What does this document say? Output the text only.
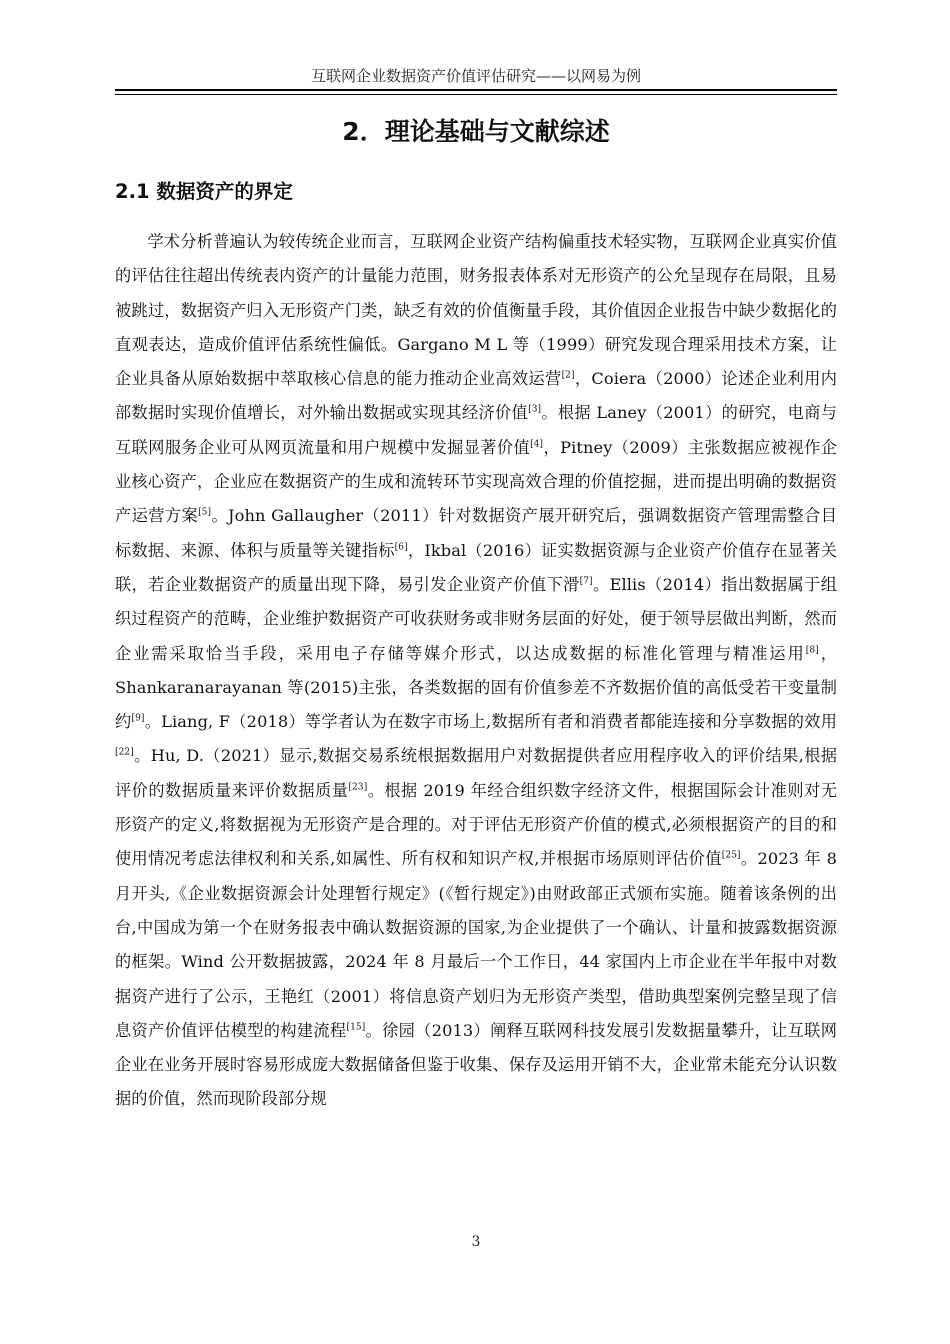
互联网企业数据资产价值评估研究——以网易为例
2．理论基础与文献综述
2.1 数据资产的界定

学术分析普遍认为较传统企业而言，互联网企业资产结构偏重技术轻实物，互联网企业真实价值的评估往往超出传统表内资产的计量能力范围，财务报表体系对无形资产的公允呈现存在局限，且易被跳过，数据资产归入无形资产门类，缺乏有效的价值衡量手段，其价值因企业报告中缺少数据化的直观表达，造成价值评估系统性偏低。Gargano M L 等（1999）研究发现合理采用技术方案，让企业具备从原始数据中萃取核心信息的能力推动企业高效运营[2]，Coiera（2000）论述企业利用内部数据时实现价值增长，对外输出数据或实现其经济价值[3]。根据 Laney（2001）的研究，电商与互联网服务企业可从网页流量和用户规模中发掘显著价值[4]，Pitney（2009）主张数据应被视作企业核心资产，企业应在数据资产的生成和流转环节实现高效合理的价值挖掘，进而提出明确的数据资产运营方案[5]。John Gallaugher（2011）针对数据资产展开研究后，强调数据资产管理需整合目标数据、来源、体积与质量等关键指标[6]，Ikbal（2016）证实数据资源与企业资产价值存在显著关联，若企业数据资产的质量出现下降，易引发企业资产价值下滑[7]。Ellis（2014）指出数据属于组织过程资产的范畴，企业维护数据资产可收获财务或非财务层面的好处，便于领导层做出判断，然而企业需采取恰当手段，采用电子存储等媒介形式，以达成数据的标准化管理与精准运用[8]，Shankaranarayanan 等(2015)主张，各类数据的固有价值参差不齐数据价值的高低受若干变量制约[9]。Liang, F（2018）等学者认为在数字市场上,数据所有者和消费者都能连接和分享数据的效用[22]。Hu, D.（2021）显示,数据交易系统根据数据用户对数据提供者应用程序收入的评价结果,根据评价的数据质量来评价数据质量[23]。根据 2019 年经合组织数字经济文件，根据国际会计准则对无形资产的定义,将数据视为无形资产是合理的。对于评估无形资产价值的模式,必须根据资产的目的和使用情况考虑法律权利和关系,如属性、所有权和知识产权,并根据市场原则评估价值[25]。2023 年 8 月开头,《企业数据资源会计处理暂行规定》(《暂行规定》)由财政部正式颁布实施。随着该条例的出台,中国成为第一个在财务报表中确认数据资源的国家,为企业提供了一个确认、计量和披露数据资源的框架。Wind 公开数据披露，2024 年 8 月最后一个工作日，44 家国内上市企业在半年报中对数据资产进行了公示，王艳红（2001）将信息资产划归为无形资产类型，借助典型案例完整呈现了信息资产价值评估模型的构建流程[15]。徐园（2013）阐释互联网科技发展引发数据量攀升，让互联网企业在业务开展时容易形成庞大数据储备但鉴于收集、保存及运用开销不大，企业常未能充分认识数据的价值，然而现阶段部分规

3
